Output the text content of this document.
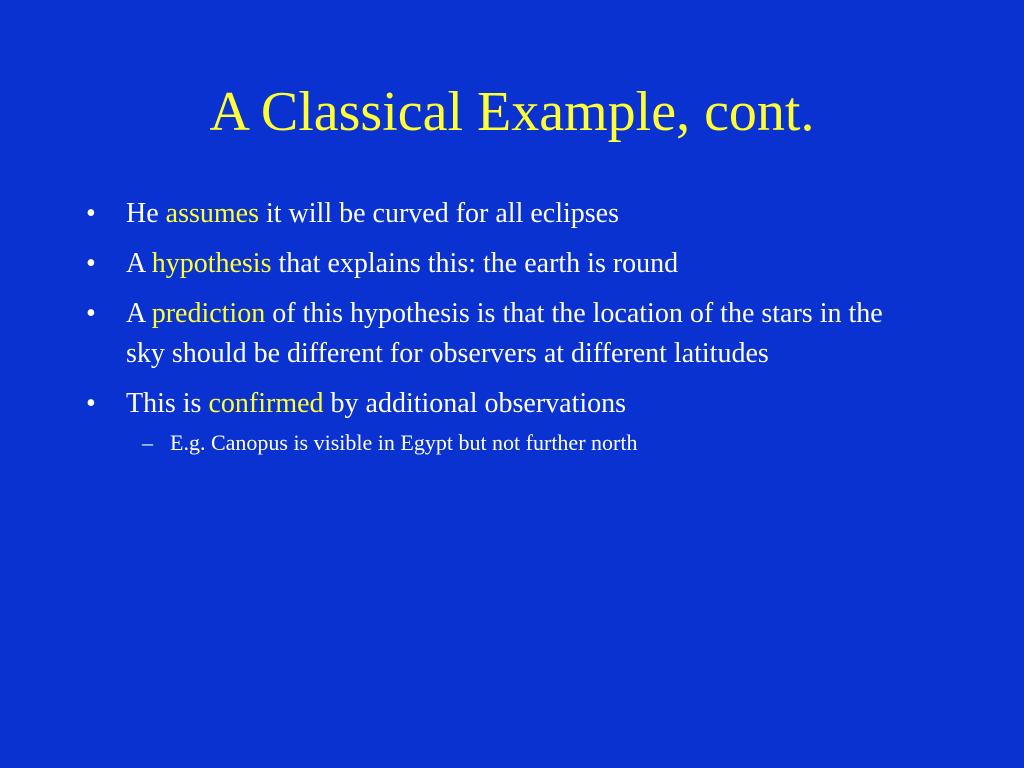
A Classical Example, cont.
• He assumes it will be curved for all eclipses
• A hypothesis that explains this: the earth is round
• A prediction of this hypothesis is that the location of the stars in the sky should be different for observers at different latitudes
• This is confirmed by additional observations
– E.g. Canopus is visible in Egypt but not further north
